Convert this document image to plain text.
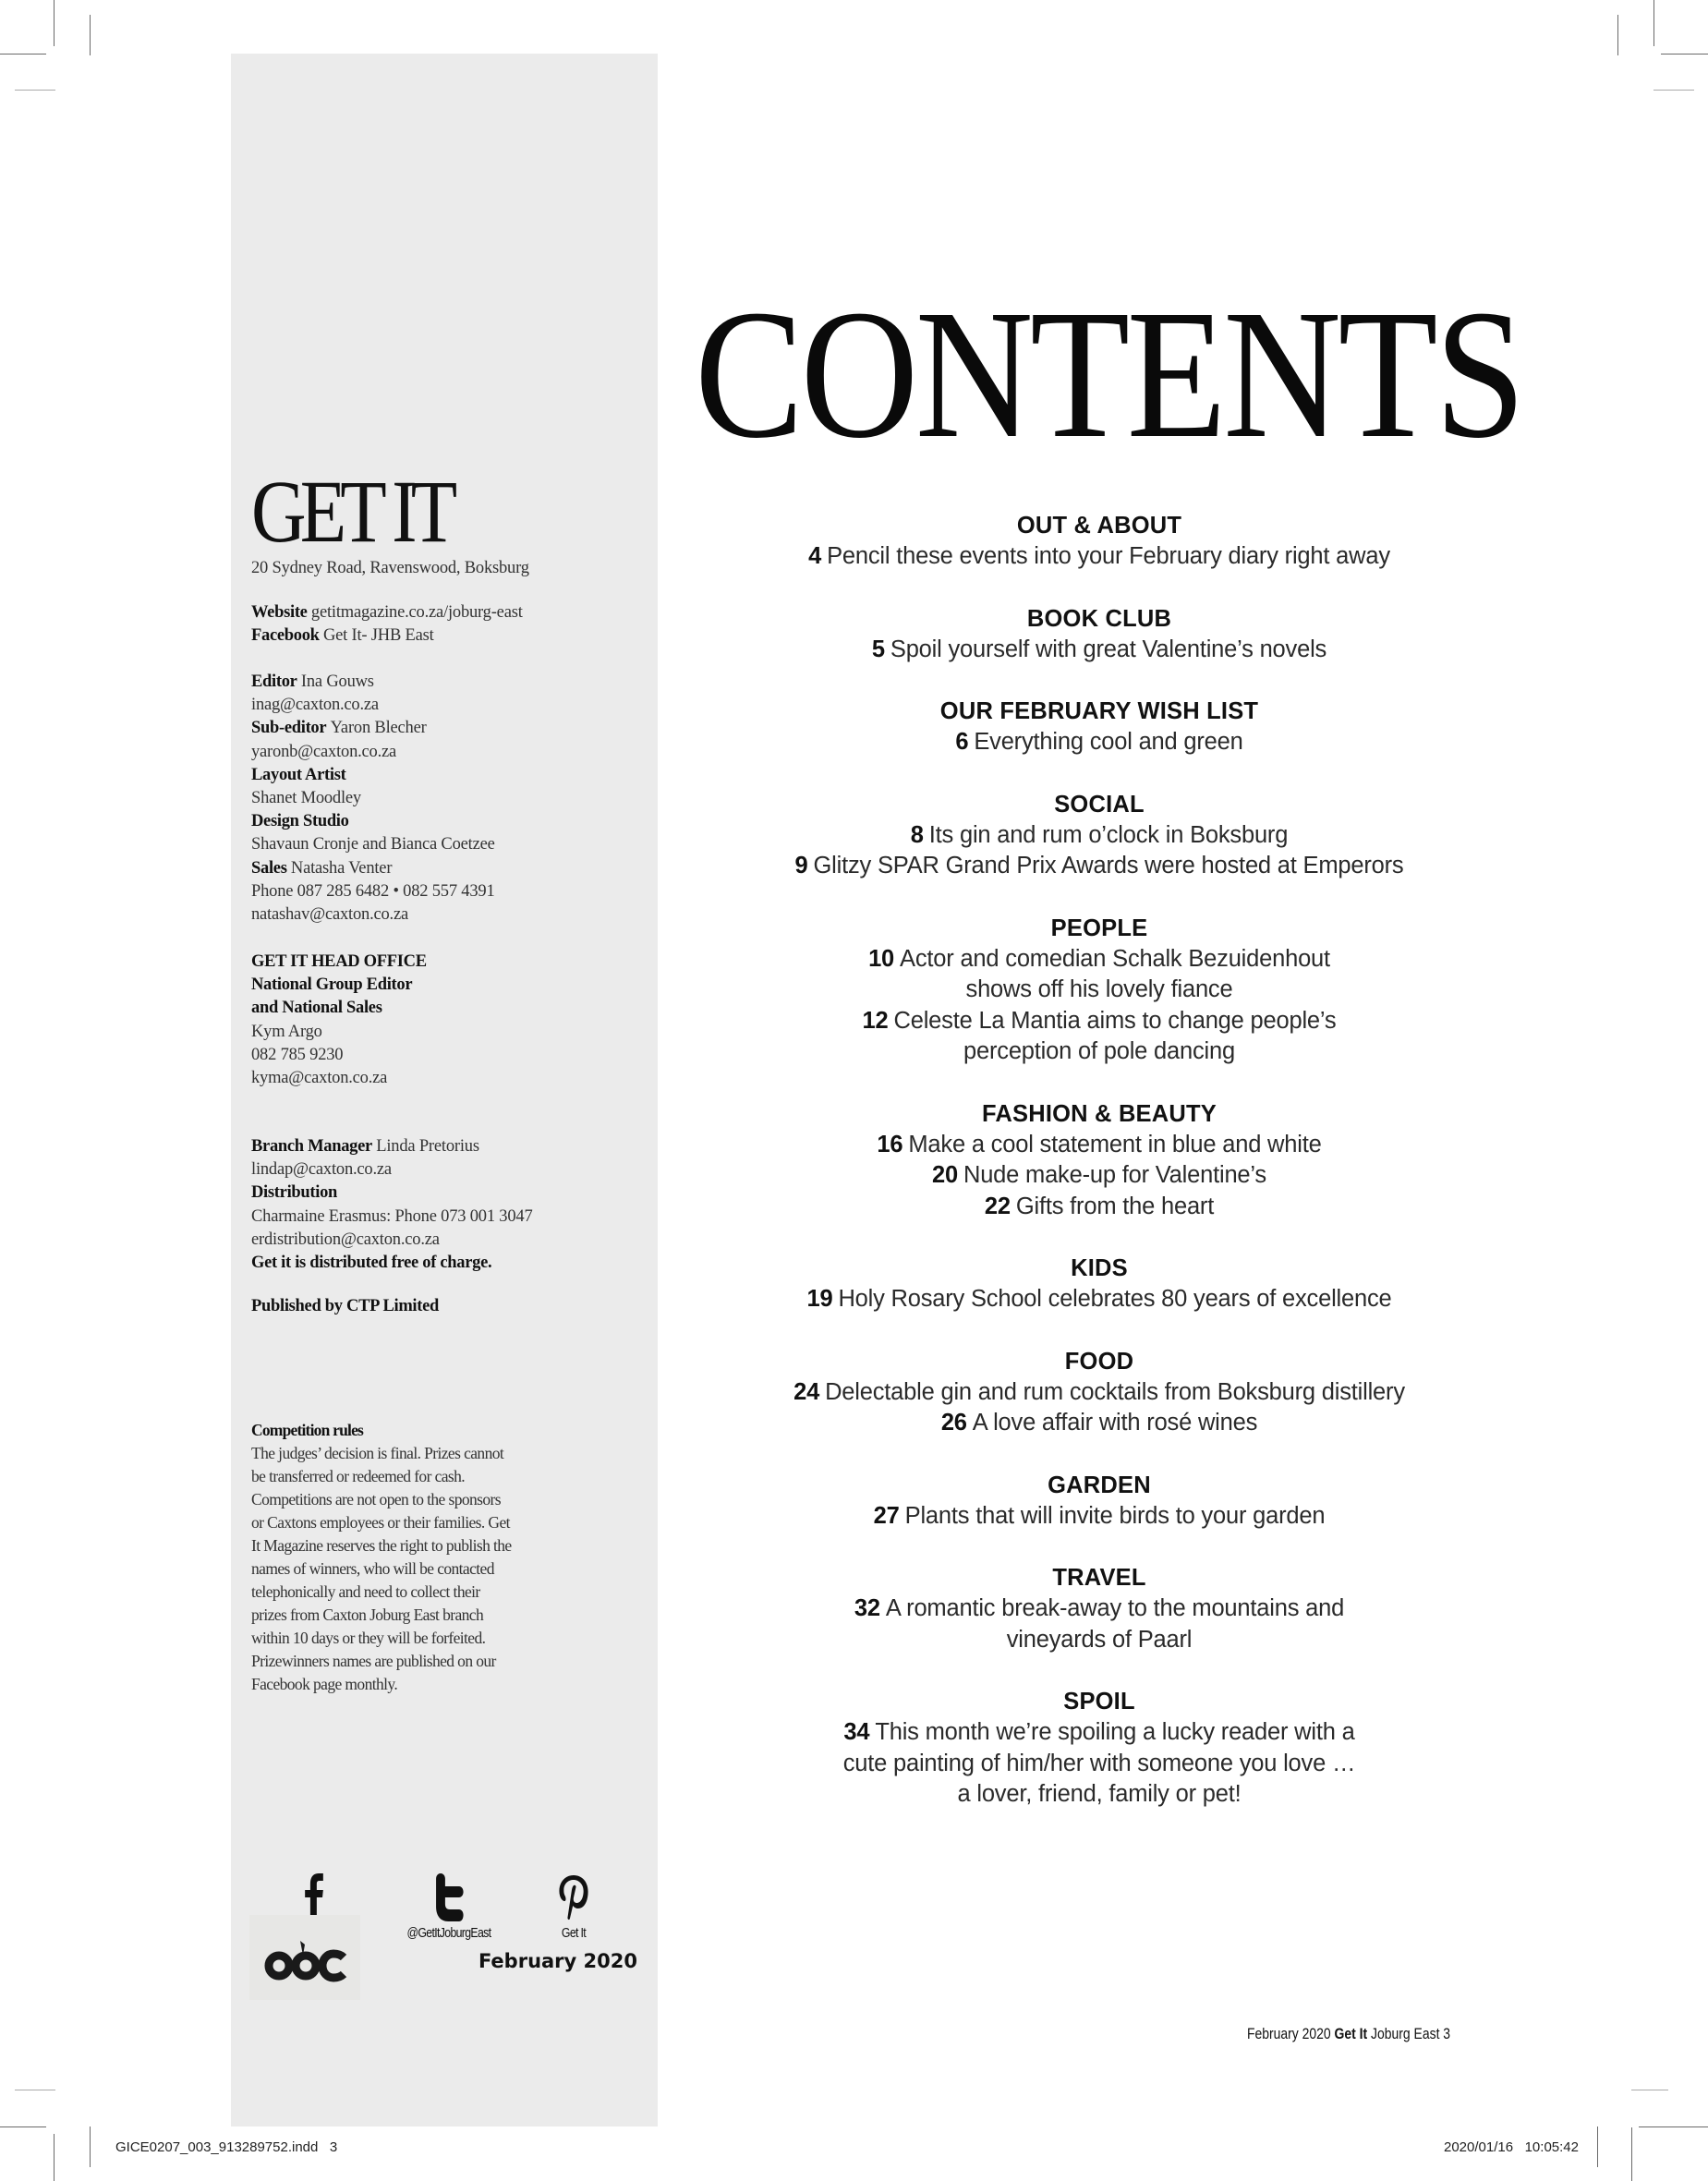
GET IT
20 Sydney Road, Ravenswood, Boksburg
Website getitmagazine.co.za/joburg-east
Facebook Get It- JHB East
Editor Ina Gouws
inag@caxton.co.za
Sub-editor Yaron Blecher
yaronb@caxton.co.za
Layout Artist
Shanet Moodley
Design Studio
Shavaun Cronje and Bianca Coetzee
Sales Natasha Venter
Phone 087 285 6482 • 082 557 4391
natashav@caxton.co.za
GET IT HEAD OFFICE
National Group Editor
and National Sales
Kym Argo
082 785 9230
kyma@caxton.co.za
Branch Manager Linda Pretorius
lindap@caxton.co.za
Distribution
Charmaine Erasmus: Phone 073 001 3047
erdistribution@caxton.co.za
Get it is distributed free of charge.
Published by CTP Limited
Competition rules
The judges’ decision is final. Prizes cannot
be transferred or redeemed for cash.
Competitions are not open to the sponsors
or Caxtons employees or their families. Get
It Magazine reserves the right to publish the
names of winners, who will be contacted
telephonically and need to collect their
prizes from Caxton Joburg East branch
within 10 days or they will be forfeited.
Prizewinners names are published on our
Facebook page monthly.
@GetItJoburgEast	Get It
February 2020
CONTENTS
OUT & ABOUT
4 Pencil these events into your February diary right away
BOOK CLUB
5 Spoil yourself with great Valentine’s novels
OUR FEBRUARY WISH LIST
6 Everything cool and green
SOCIAL
8 Its gin and rum o’clock in Boksburg
9 Glitzy SPAR Grand Prix Awards were hosted at Emperors
PEOPLE
10 Actor and comedian Schalk Bezuidenhout
shows off his lovely fiance
12 Celeste La Mantia aims to change people’s
perception of pole dancing
FASHION & BEAUTY
16 Make a cool statement in blue and white
20 Nude make-up for Valentine’s
22 Gifts from the heart
KIDS
19 Holy Rosary School celebrates 80 years of excellence
FOOD
24 Delectable gin and rum cocktails from Boksburg distillery
26 A love affair with rosé wines
GARDEN
27 Plants that will invite birds to your garden
TRAVEL
32 A romantic break-away to the mountains and
vineyards of Paarl
SPOIL
34 This month we’re spoiling a lucky reader with a
cute painting of him/her with someone you love …
a lover, friend, family or pet!
February 2020 Get It Joburg East 3
GICE0207_003_913289752.indd   3	2020/01/16 10:05:42
